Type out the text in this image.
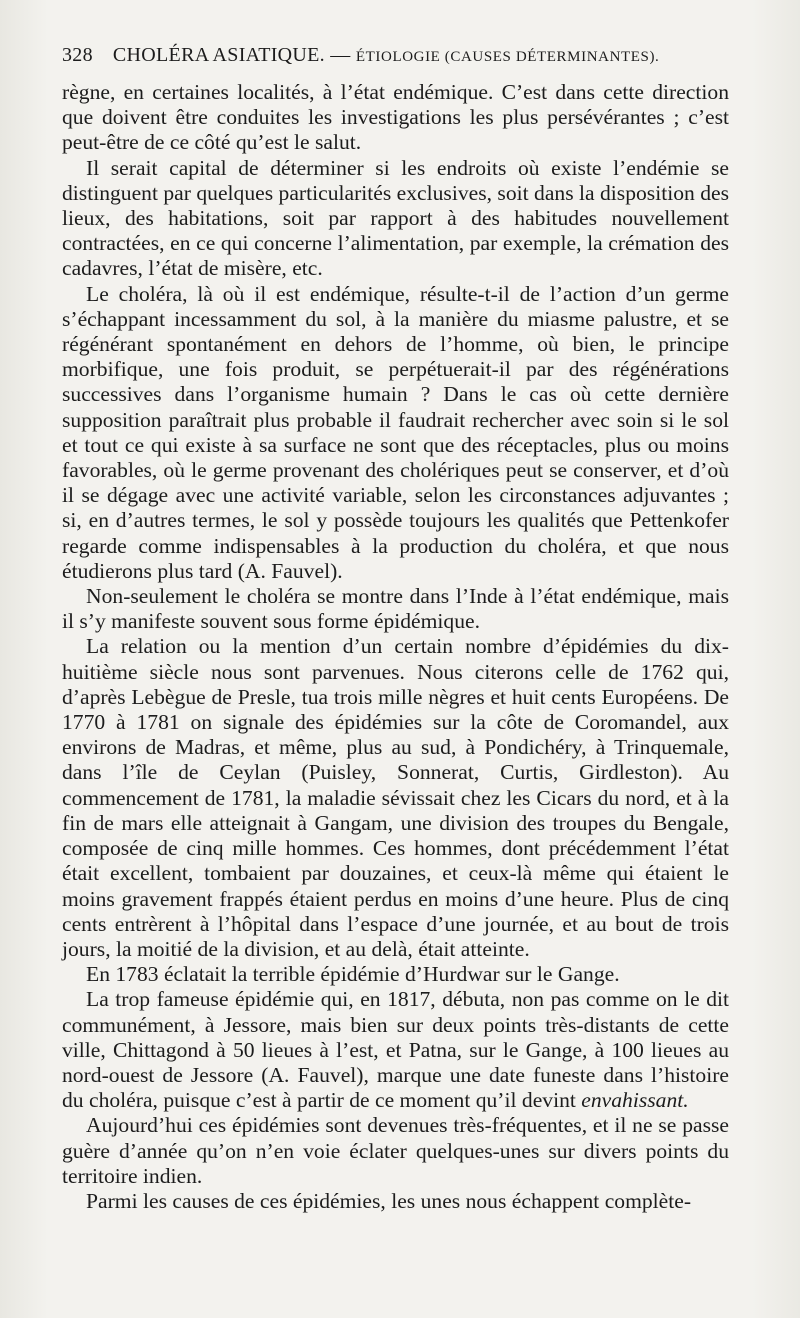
328 CHOLÉRA ASIATIQUE. — ÉTIOLOGIE (CAUSES DÉTERMINANTES).

règne, en certaines localités, à l’état endémique. C’est dans cette direction que doivent être conduites les investigations les plus persévérantes ; c’est peut-être de ce côté qu’est le salut.

Il serait capital de déterminer si les endroits où existe l’endémie se distinguent par quelques particularités exclusives, soit dans la disposition des lieux, des habitations, soit par rapport à des habitudes nouvellement contractées, en ce qui concerne l’alimentation, par exemple, la crémation des cadavres, l’état de misère, etc.

Le choléra, là où il est endémique, résulte-t-il de l’action d’un germe s’échappant incessamment du sol, à la manière du miasme palustre, et se régénérant spontanément en dehors de l’homme, où bien, le principe morbifique, une fois produit, se perpétuerait-il par des régénérations successives dans l’organisme humain ? Dans le cas où cette dernière supposition paraîtrait plus probable il faudrait rechercher avec soin si le sol et tout ce qui existe à sa surface ne sont que des réceptacles, plus ou moins favorables, où le germe provenant des cholériques peut se conserver, et d’où il se dégage avec une activité variable, selon les circonstances adjuvantes ; si, en d’autres termes, le sol y possède toujours les qualités que Pettenkofer regarde comme indispensables à la production du choléra, et que nous étudierons plus tard (A. Fauvel).

Non-seulement le choléra se montre dans l’Inde à l’état endémique, mais il s’y manifeste souvent sous forme épidémique.

La relation ou la mention d’un certain nombre d’épidémies du dix-huitième siècle nous sont parvenues. Nous citerons celle de 1762 qui, d’après Lebègue de Presle, tua trois mille nègres et huit cents Européens. De 1770 à 1781 on signale des épidémies sur la côte de Coromandel, aux environs de Madras, et même, plus au sud, à Pondichéry, à Trinquemale, dans l’île de Ceylan (Puisley, Sonnerat, Curtis, Girdleston). Au commencement de 1781, la maladie sévissait chez les Cicars du nord, et à la fin de mars elle atteignait à Gangam, une division des troupes du Bengale, composée de cinq mille hommes. Ces hommes, dont précédemment l’état était excellent, tombaient par douzaines, et ceux-là même qui étaient le moins gravement frappés étaient perdus en moins d’une heure. Plus de cinq cents entrèrent à l’hôpital dans l’espace d’une journée, et au bout de trois jours, la moitié de la division, et au delà, était atteinte.

En 1783 éclatait la terrible épidémie d’Hurdwar sur le Gange.

La trop fameuse épidémie qui, en 1817, débuta, non pas comme on le dit communément, à Jessore, mais bien sur deux points très-distants de cette ville, Chittagond à 50 lieues à l’est, et Patna, sur le Gange, à 100 lieues au nord-ouest de Jessore (A. Fauvel), marque une date funeste dans l’histoire du choléra, puisque c’est à partir de ce moment qu’il devint envahissant.

Aujourd’hui ces épidémies sont devenues très-fréquentes, et il ne se passe guère d’année qu’on n’en voie éclater quelques-unes sur divers points du territoire indien.

Parmi les causes de ces épidémies, les unes nous échappent complète-
